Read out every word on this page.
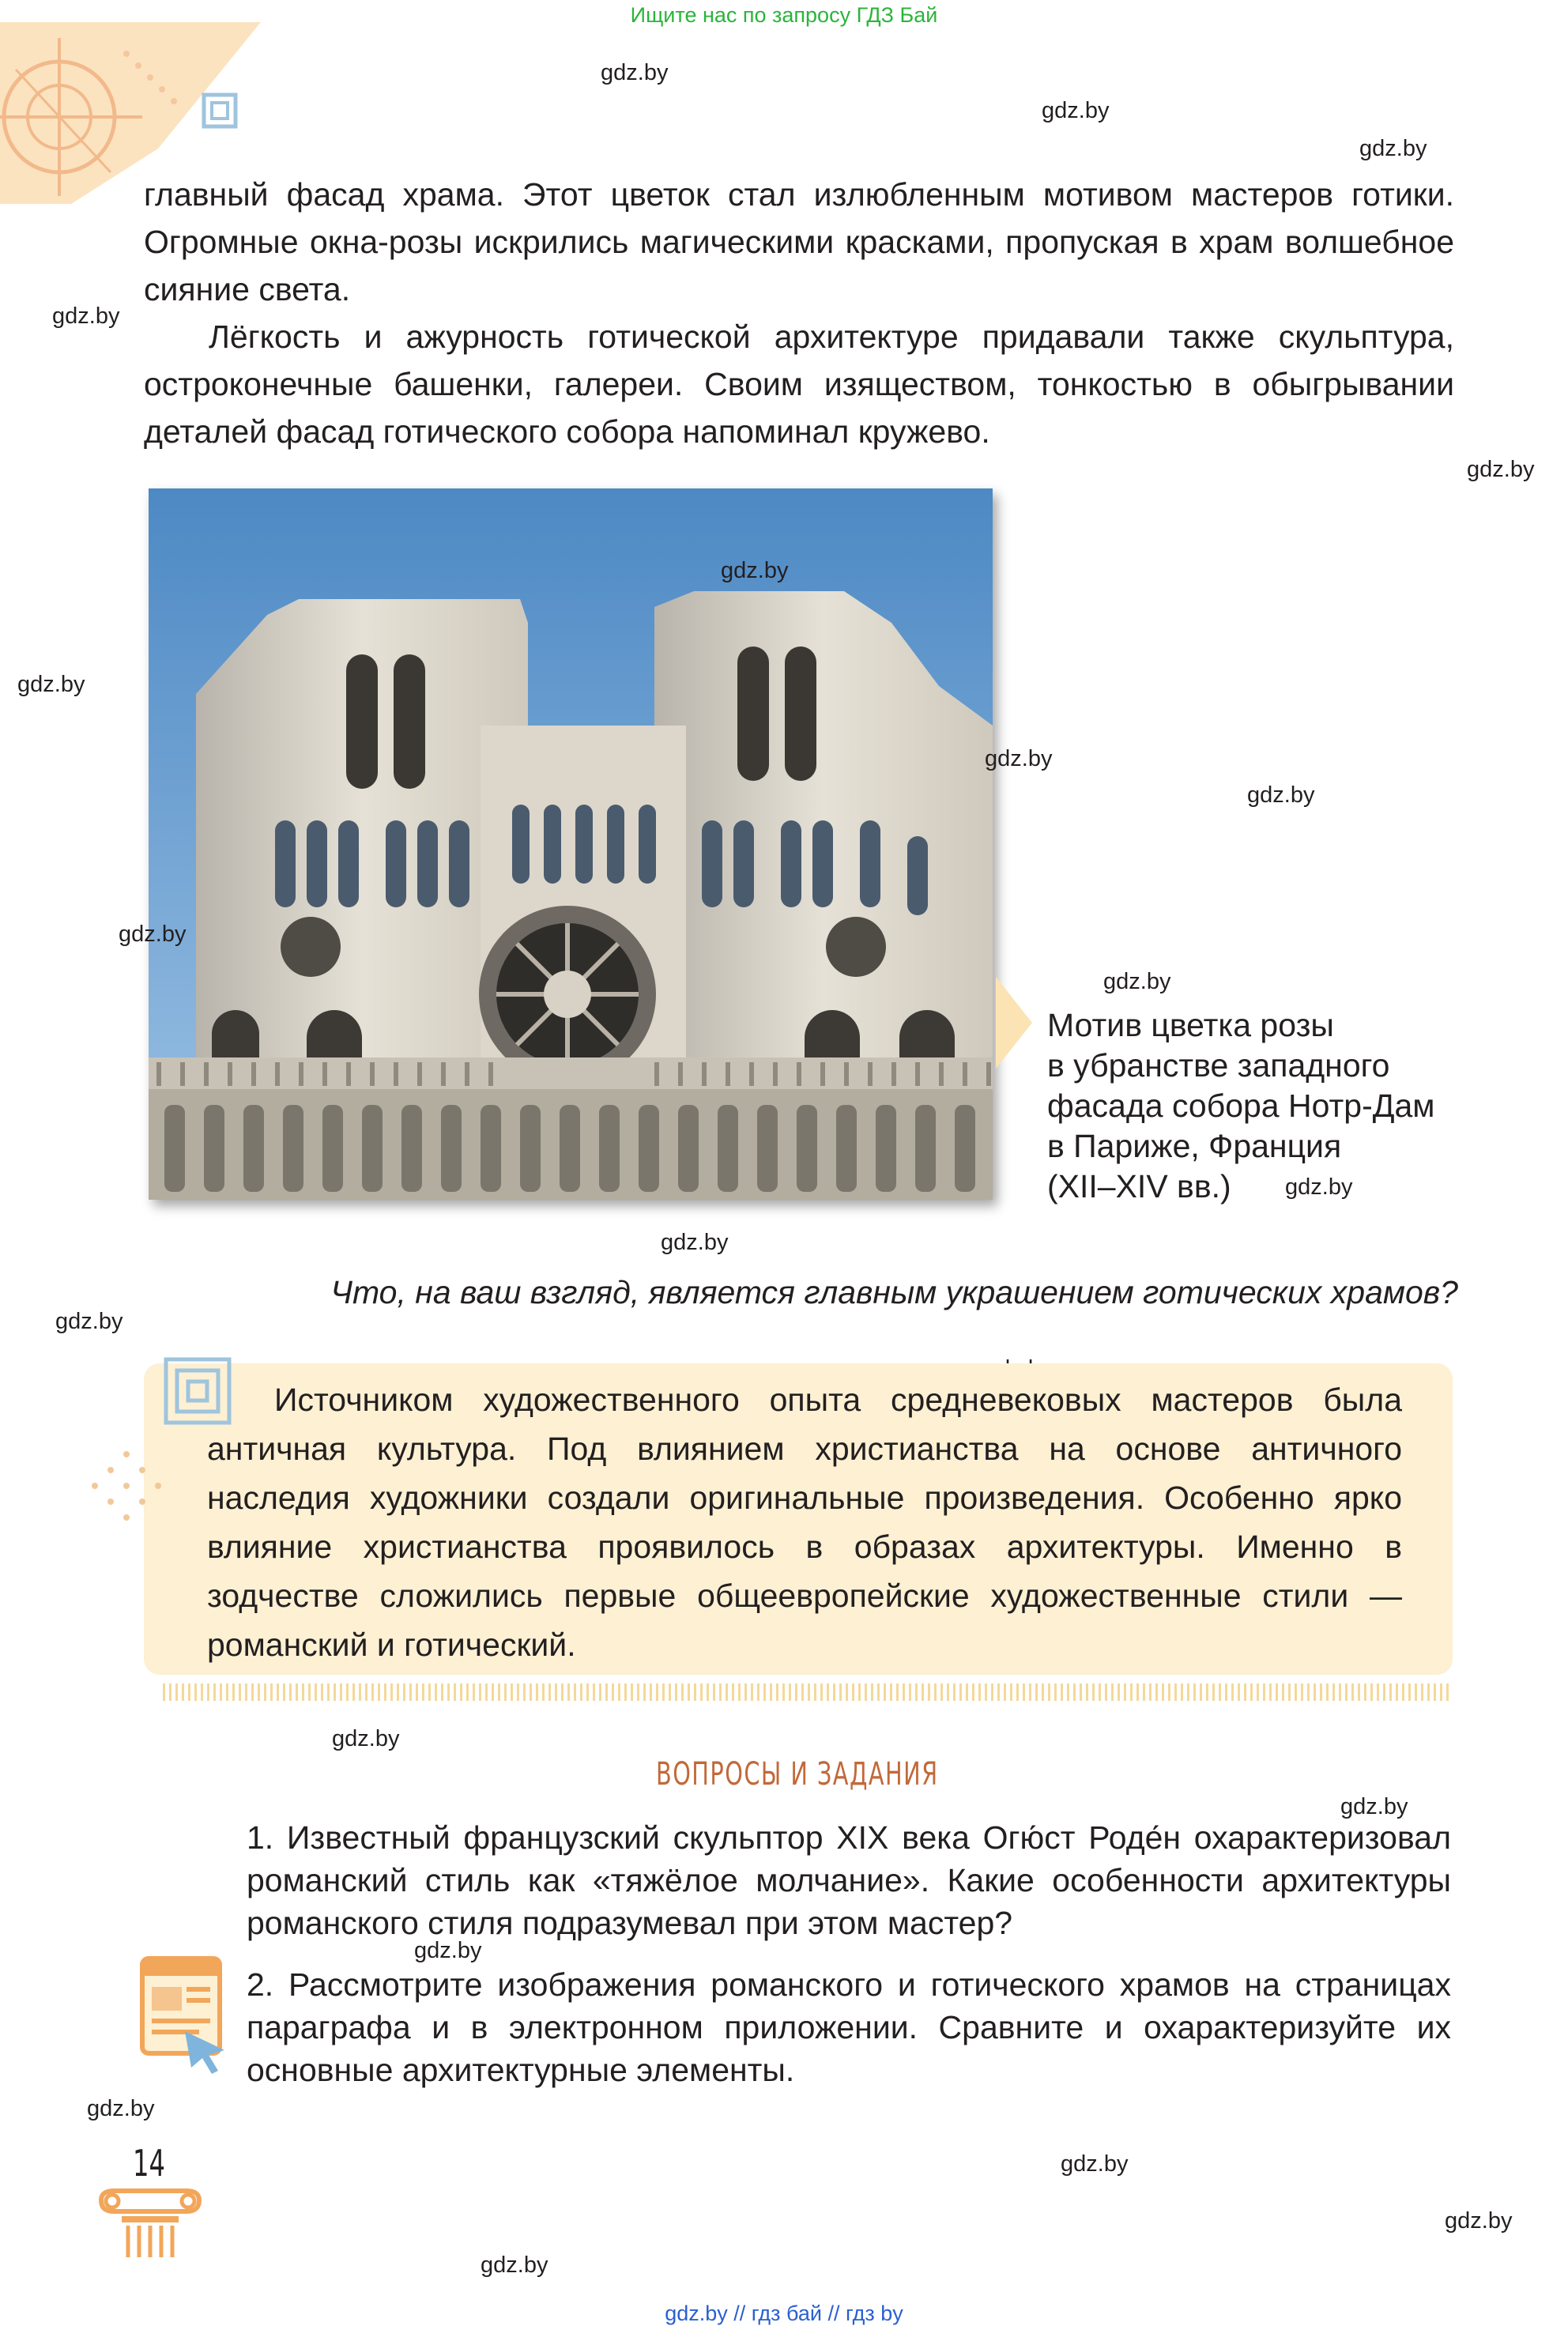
Ищите нас по запросу ГДЗ Бай
gdz.by
gdz.by
gdz.by
gdz.by
gdz.by
gdz.by
gdz.by
gdz.by
gdz.by
gdz.by
gdz.by
gdz.by
gdz.by
gdz.by
gdz.by
gdz.by
gdz.by
gdz.by

главный фасад храма. Этот цветок стал излюбленным мотивом мастеров готики. Огромные окна-розы искрились магическими красками, пропуская в храм волшебное сияние света.

Лёгкость и ажурность готической архитектуре придавали также скульптура, остроконечные башенки, галереи. Своим изяществом, тонкостью в обыгрывании деталей фасад готического собора напоминал кружево.

gdz.by
gdz.by
gdz.by

Мотив цветка розы
в убранстве западного
фасада собора Нотр-Дам
в Париже, Франция
(XII–XIV вв.)

Что, на ваш взгляд, является главным украшением готических храмов?

Источником художественного опыта средневековых мастеров была античная культура. Под влиянием христианства на основе античного наследия художники создали оригинальные произведения. Особенно ярко влияние христианства проявилось в образах архитектуры. Именно в зодчестве сложились первые общеевропейские художественные стили — романский и готический.

ВОПРОСЫ И ЗАДАНИЯ

1. Известный французский скульптор XIX века Огю́ст Роде́н охарактеризовал романский стиль как «тяжёлое молчание». Какие особенности архитектуры романского стиля подразумевал при этом мастер?

2. Рассмотрите изображения романского и готического храмов на страницах параграфа и в электронном приложении. Сравните и охарактеризуйте их основные архитектурные элементы.

14
gdz.by // гдз бай // гдз by
